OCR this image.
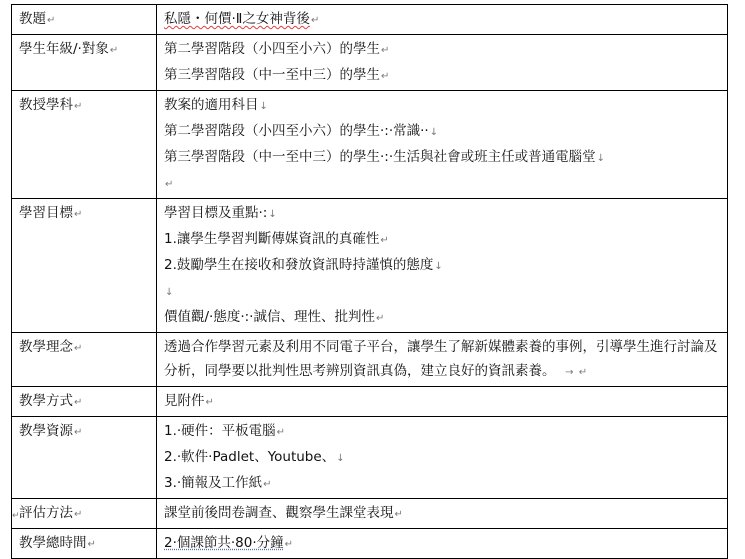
教題↵	私隱・何價‧Ⅱ之女神背後↵

學生年級/‧對象↵	第二學習階段（小四至小六）的學生↵
第三學習階段（中一至中三）的學生↵

教授學科↵	教案的適用科目↓
第二學習階段（小四至小六）的學生‧:‧常識‧‧↓
第三學習階段（中一至中三）的學生‧:‧生活與社會或班主任或普通電腦堂↓
↵

學習目標↵	學習目標及重點‧:↓
1.讓學生學習判斷傳媒資訊的真確性↵
2.鼓勵學生在接收和發放資訊時持謹慎的態度↓
↓
價值觀/‧態度‧:‧誠信、理性、批判性↵

教學理念↵	透過合作學習元素及利用不同電子平台，讓學生了解新媒體素養的事例，引導學生進行討論及分析，同學要以批判性思考辨別資訊真偽，建立良好的資訊素養。 → ↵

教學方式↵	見附件↵

教學資源↵	1.‧硬件：平板電腦↵
2.‧軟件‧Padlet、Youtube、↓
3.‧簡報及工作紙↵

評估方法↵	課堂前後問卷調查、觀察學生課堂表現↵

教學總時間↵	2‧個課節共‧80‧分鐘↵
↵
